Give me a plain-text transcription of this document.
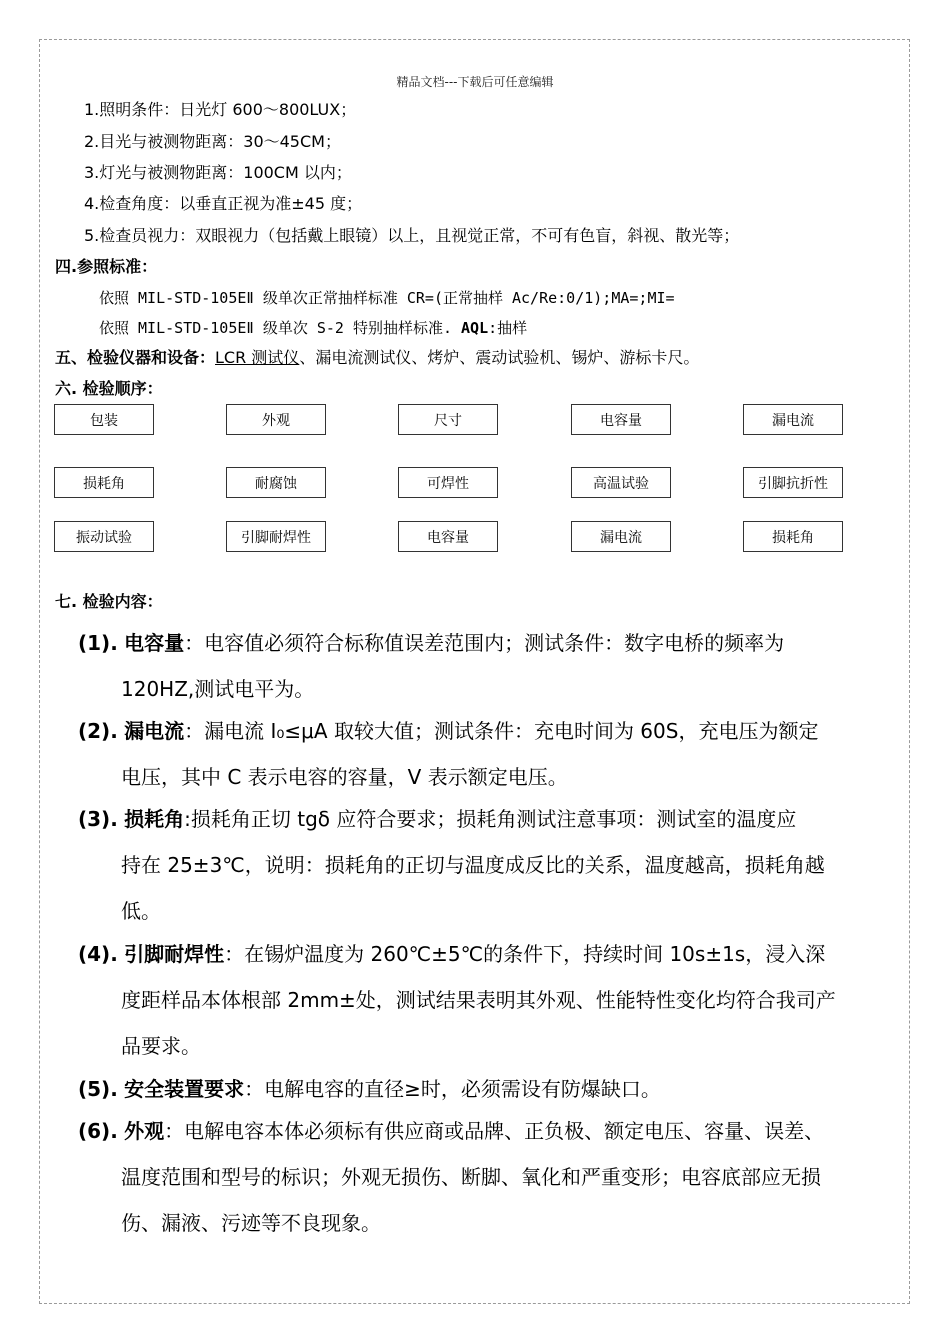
精品文档---下载后可任意编辑
1.照明条件：日光灯 600～800LUX；
2.目光与被测物距离：30～45CM；
3.灯光与被测物距离：100CM 以内；
4.检查角度：以垂直正视为准±45 度；
5.检查员视力：双眼视力（包括戴上眼镜）以上，且视觉正常，不可有色盲，斜视、散光等；
四.参照标准：
依照 MIL-STD-105EⅡ 级单次正常抽样标准 CR=(正常抽样 Ac/Re:0/1);MA=;MI=
依照 MIL-STD-105EⅡ 级单次 S-2 特别抽样标准. AQL:抽样
五、检验仪器和设备：LCR 测试仪、漏电流测试仪、烤炉、震动试验机、锡炉、游标卡尺。
六. 检验顺序：
包装	外观	尺寸	电容量	漏电流
损耗角	耐腐蚀	可焊性	高温试验	引脚抗折性
振动试验	引脚耐焊性	电容量	漏电流	损耗角
七. 检验内容：
(1). 电容量：电容值必须符合标称值误差范围内；测试条件：数字电桥的频率为
120HZ,测试电平为。
(2). 漏电流：漏电流 I₀≤μA 取较大值；测试条件：充电时间为 60S，充电压为额定
电压，其中 C 表示电容的容量，V 表示额定电压。
(3). 损耗角:损耗角正切 tgδ 应符合要求；损耗角测试注意事项：测试室的温度应
持在 25±3℃，说明：损耗角的正切与温度成反比的关系，温度越高，损耗角越
低。
(4). 引脚耐焊性：在锡炉温度为 260℃±5℃的条件下，持续时间 10s±1s，浸入深
度距样品本体根部 2mm±处，测试结果表明其外观、性能特性变化均符合我司产
品要求。
(5). 安全装置要求：电解电容的直径≥时，必须需设有防爆缺口。
(6). 外观：电解电容本体必须标有供应商或品牌、正负极、额定电压、容量、误差、
温度范围和型号的标识；外观无损伤、断脚、氧化和严重变形；电容底部应无损
伤、漏液、污迹等不良现象。
